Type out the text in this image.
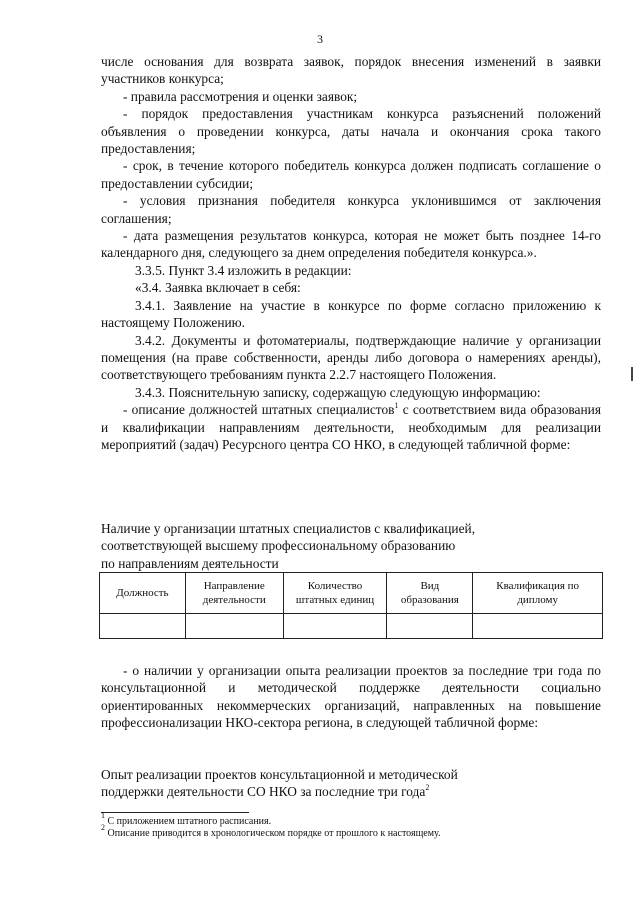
3

числе основания для возврата заявок, порядок внесения изменений в заявки участников конкурса;

- правила рассмотрения и оценки заявок;

- порядок предоставления участникам конкурса разъяснений положений объявления о проведении конкурса, даты начала и окончания срока такого предоставления;

- срок, в течение которого победитель конкурса должен подписать соглашение о предоставлении субсидии;

- условия признания победителя конкурса уклонившимся от заключения соглашения;

- дата размещения результатов конкурса, которая не может быть позднее 14-го календарного дня, следующего за днем определения победителя конкурса.».

3.3.5. Пункт 3.4 изложить в редакции:

«3.4. Заявка включает в себя:

3.4.1. Заявление на участие в конкурсе по форме согласно приложению к настоящему Положению.

3.4.2. Документы и фотоматериалы, подтверждающие наличие у организации помещения (на праве собственности, аренды либо договора о намерениях аренды), соответствующего требованиям пункта 2.2.7 настоящего Положения.

3.4.3. Пояснительную записку, содержащую следующую информацию:

- описание должностей штатных специалистов$^1$ с соответствием вида образования и квалификации направлениям деятельности, необходимым для реализации мероприятий (задач) Ресурсного центра СО НКО, в следующей табличной форме:

Наличие у организации штатных специалистов с квалификацией,

соответствующей высшему профессиональному образованию

по направлениям деятельности

Должность	Направление деятельности	Количество штатных единиц	Вид образования	Квалификация по диплому

- о наличии у организации опыта реализации проектов за последние три года по консультационной и методической поддержке деятельности социально ориентированных некоммерческих организаций, направленных на повышение профессионализации НКО-сектора региона, в следующей табличной форме:

Опыт реализации проектов консультационной и методической

поддержки деятельности СО НКО за последние три года$^2$

$^1$ С приложением штатного расписания.

$^2$ Описание приводится в хронологическом порядке от прошлого к настоящему.
